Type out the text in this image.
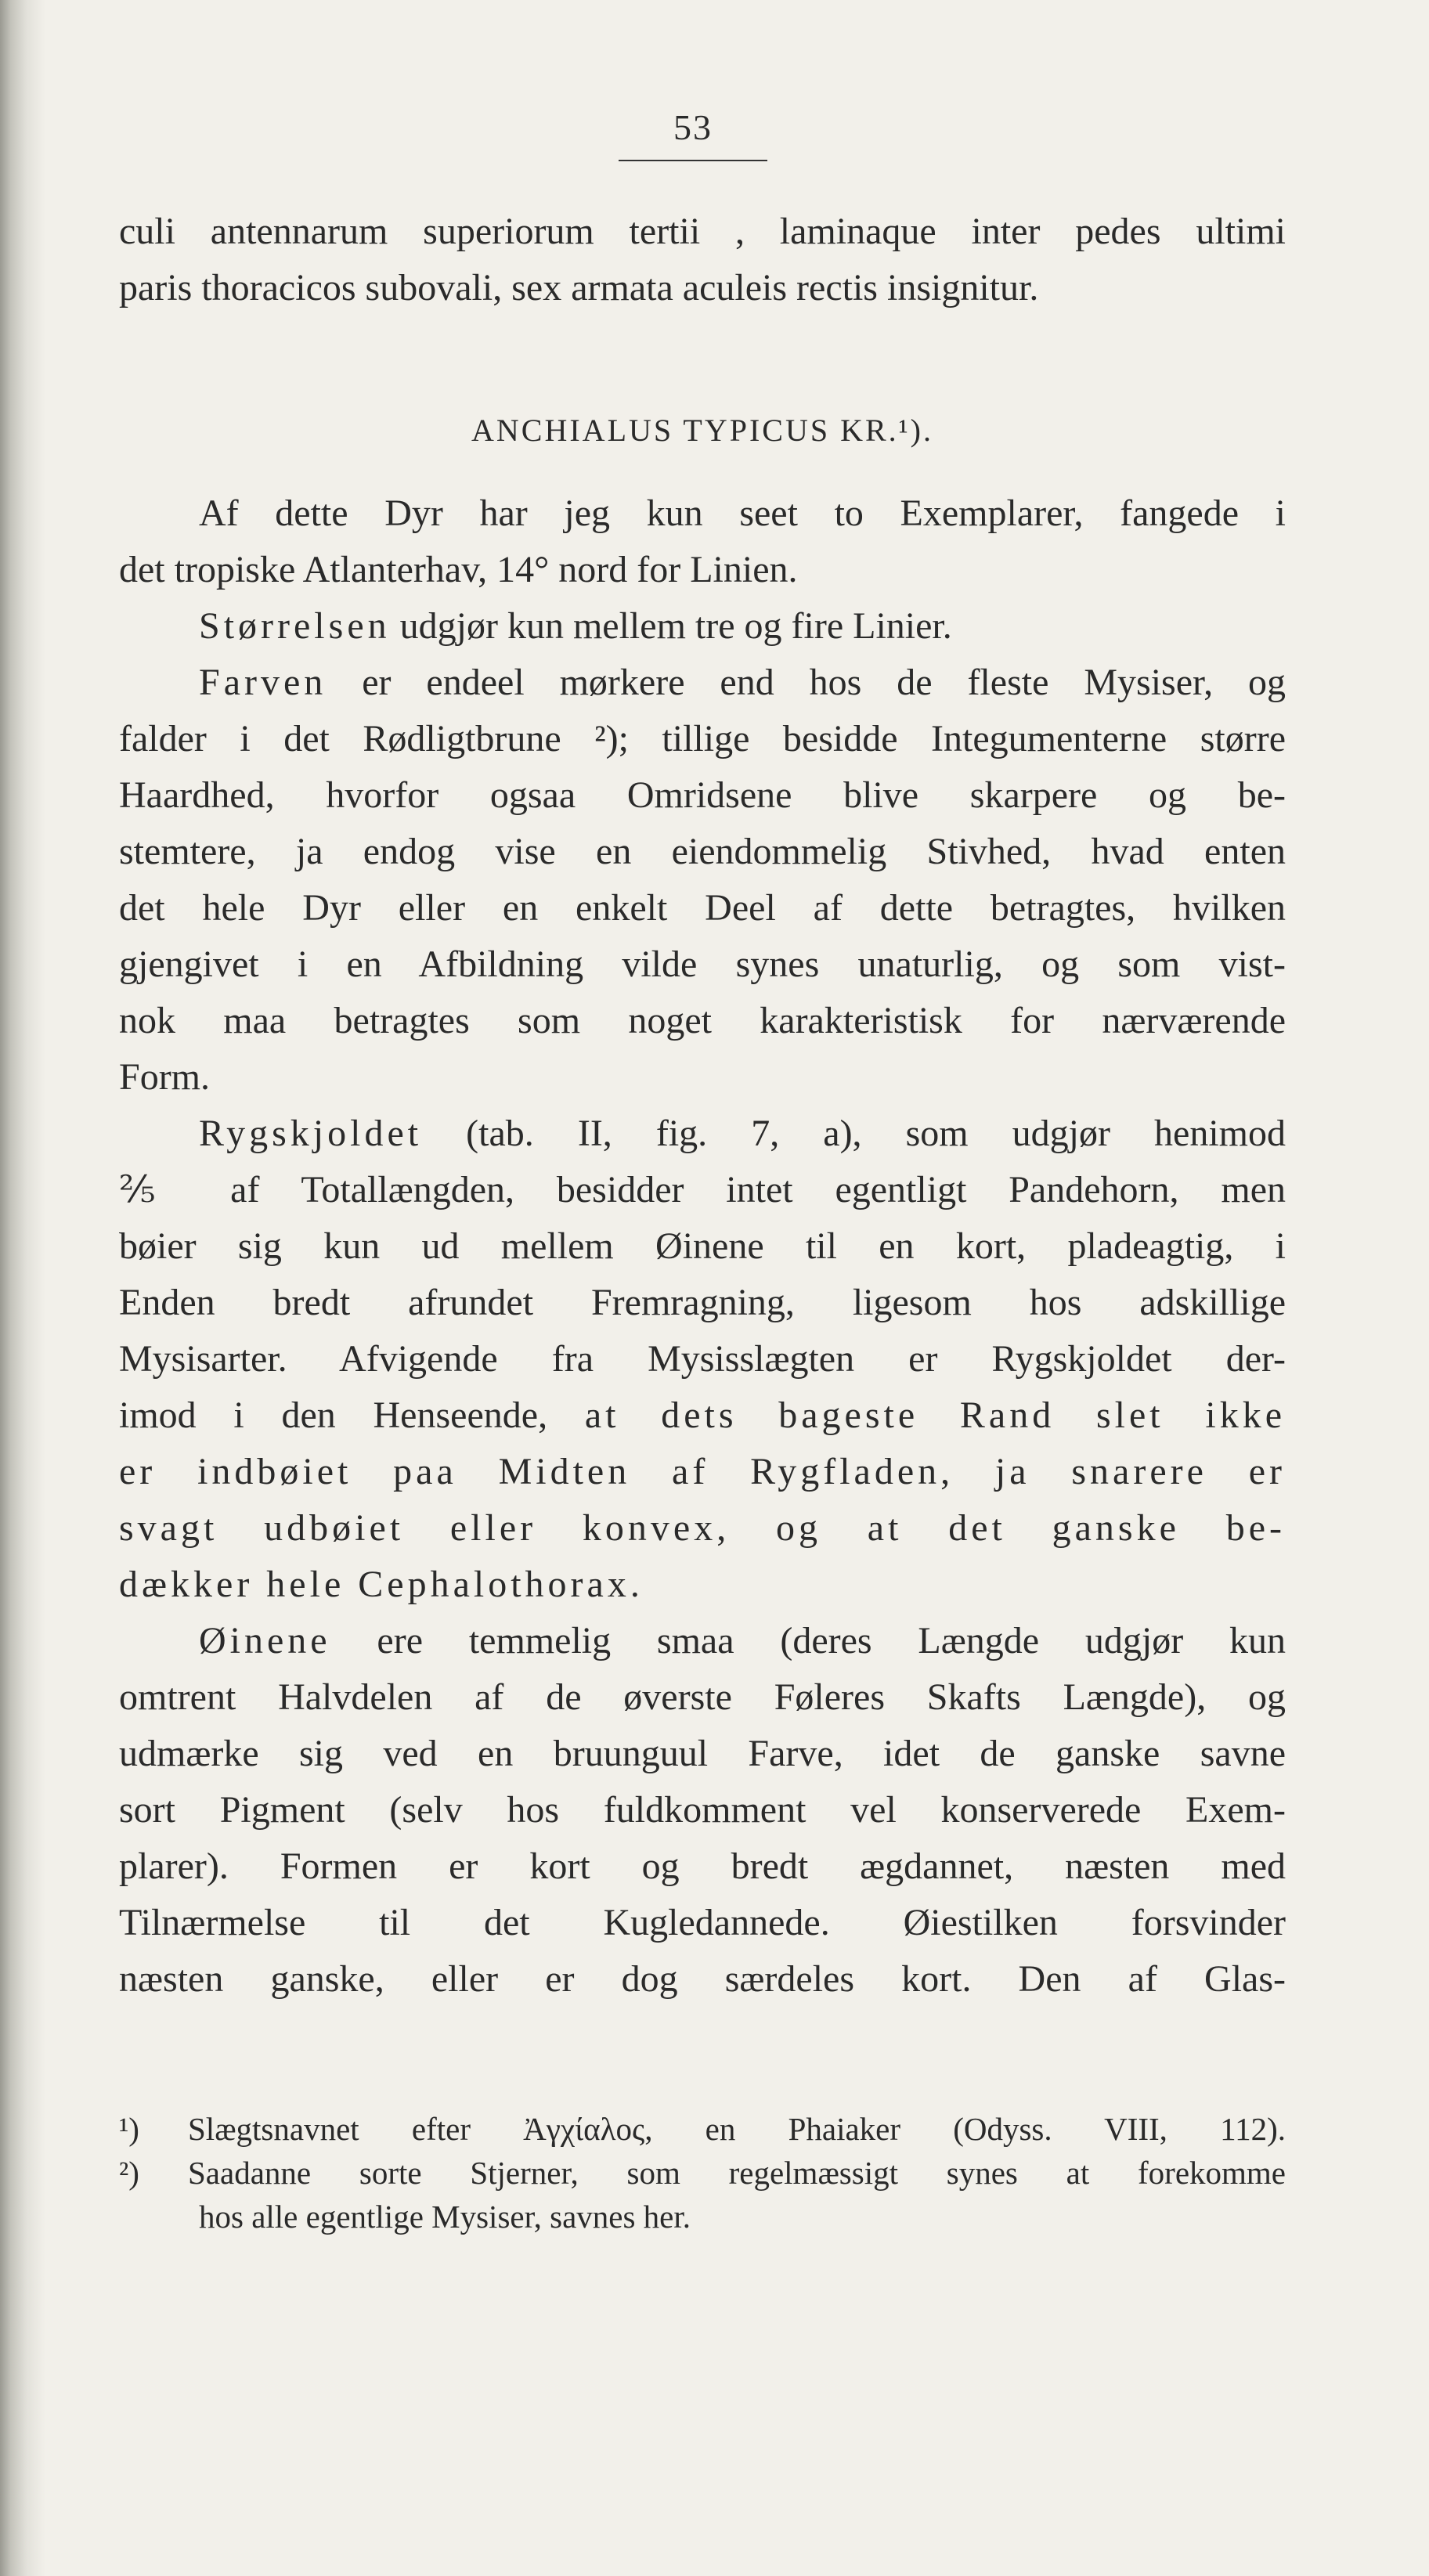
53

culi antennarum superiorum tertii , laminaque inter pedes ultimi

paris thoracicos subovali, sex armata aculeis rectis insignitur.

ANCHIALUS TYPICUS KR.¹).

Af dette Dyr har jeg kun seet to Exemplarer, fangede i

det tropiske Atlanterhav, 14° nord for Linien.

Størrelsen udgjør kun mellem tre og fire Linier.

Farven er endeel mørkere end hos de fleste Mysiser, og

falder i det Rødligtbrune ²); tillige besidde Integumenterne større

Haardhed, hvorfor ogsaa Omridsene blive skarpere og be-

stemtere, ja endog vise en eiendommelig Stivhed, hvad enten

det hele Dyr eller en enkelt Deel af dette betragtes, hvilken

gjengivet i en Afbildning vilde synes unaturlig, og som vist-

nok maa betragtes som noget karakteristisk for nærværende

Form.

Rygskjoldet (tab. II, fig. 7, a), som udgjør henimod

⅖ af Totallængden, besidder intet egentligt Pandehorn, men

bøier sig kun ud mellem Øinene til en kort, pladeagtig, i

Enden bredt afrundet Fremragning, ligesom hos adskillige

Mysisarter. Afvigende fra Mysisslægten er Rygskjoldet der-

imod i den Henseende, at dets bageste Rand slet ikke

er indbøiet paa Midten af Rygfladen, ja snarere er

svagt udbøiet eller konvex, og at det ganske be-

dækker hele Cephalothorax.

Øinene ere temmelig smaa (deres Længde udgjør kun

omtrent Halvdelen af de øverste Føleres Skafts Længde), og

udmærke sig ved en bruunguul Farve, idet de ganske savne

sort Pigment (selv hos fuldkomment vel konserverede Exem-

plarer). Formen er kort og bredt ægdannet, næsten med

Tilnærmelse til det Kugledannede. Øiestilken forsvinder

næsten ganske, eller er dog særdeles kort. Den af Glas-

¹) Slægtsnavnet efter Ἀγχίαλος, en Phaiaker (Odyss. VIII, 112).

²) Saadanne sorte Stjerner, som regelmæssigt synes at forekomme

hos alle egentlige Mysiser, savnes her.
